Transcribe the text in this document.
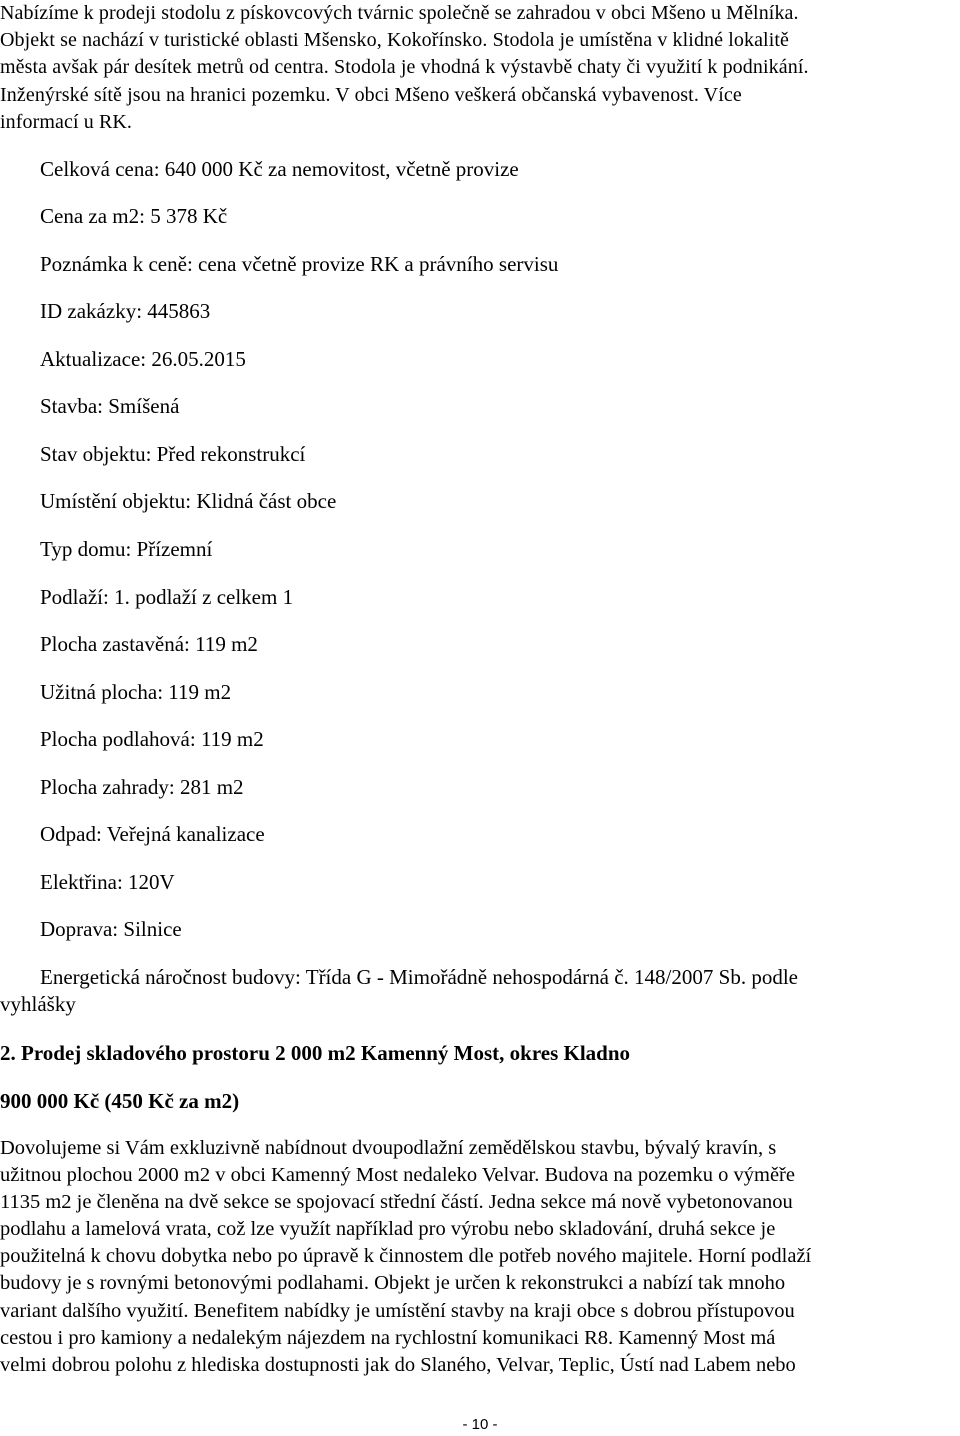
Nabízíme k prodeji stodolu z pískovcových tvárnic společně se zahradou v obci Mšeno u Mělníka.
Objekt se nachází v turistické oblasti Mšensko, Kokořínsko. Stodola je umístěna v klidné lokalitě
města avšak pár desítek metrů od centra. Stodola je vhodná k výstavbě chaty či využití k podnikání.
Inženýrské sítě jsou na hranici pozemku. V obci Mšeno veškerá občanská vybavenost. Více
informací u RK.

Celková cena: 640 000 Kč za nemovitost, včetně provize

Cena za m2: 5 378 Kč

Poznámka k ceně: cena včetně provize RK a právního servisu

ID zakázky: 445863

Aktualizace: 26.05.2015

Stavba: Smíšená

Stav objektu: Před rekonstrukcí

Umístění objektu: Klidná část obce

Typ domu: Přízemní

Podlaží: 1. podlaží z celkem 1

Plocha zastavěná: 119 m2

Užitná plocha: 119 m2

Plocha podlahová: 119 m2

Plocha zahrady: 281 m2

Odpad: Veřejná kanalizace

Elektřina: 120V

Doprava: Silnice

Energetická náročnost budovy: Třída G - Mimořádně nehospodárná č. 148/2007 Sb. podle
vyhlášky

2. Prodej skladového prostoru 2 000 m2 Kamenný Most, okres Kladno

900 000 Kč (450 Kč za m2)

Dovolujeme si Vám exkluzivně nabídnout dvoupodlažní zemědělskou stavbu, bývalý kravín, s
užitnou plochou 2000 m2 v obci Kamenný Most nedaleko Velvar. Budova na pozemku o výměře
1135 m2 je členěna na dvě sekce se spojovací střední částí. Jedna sekce má nově vybetonovanou
podlahu a lamelová vrata, což lze využít například pro výrobu nebo skladování, druhá sekce je
použitelná k chovu dobytka nebo po úpravě k činnostem dle potřeb nového majitele. Horní podlaží
budovy je s rovnými betonovými podlahami. Objekt je určen k rekonstrukci a nabízí tak mnoho
variant dalšího využití. Benefitem nabídky je umístění stavby na kraji obce s dobrou přístupovou
cestou i pro kamiony a nedalekým nájezdem na rychlostní komunikaci R8. Kamenný Most má
velmi dobrou polohu z hlediska dostupnosti jak do Slaného, Velvar, Teplic, Ústí nad Labem nebo

- 10 -
